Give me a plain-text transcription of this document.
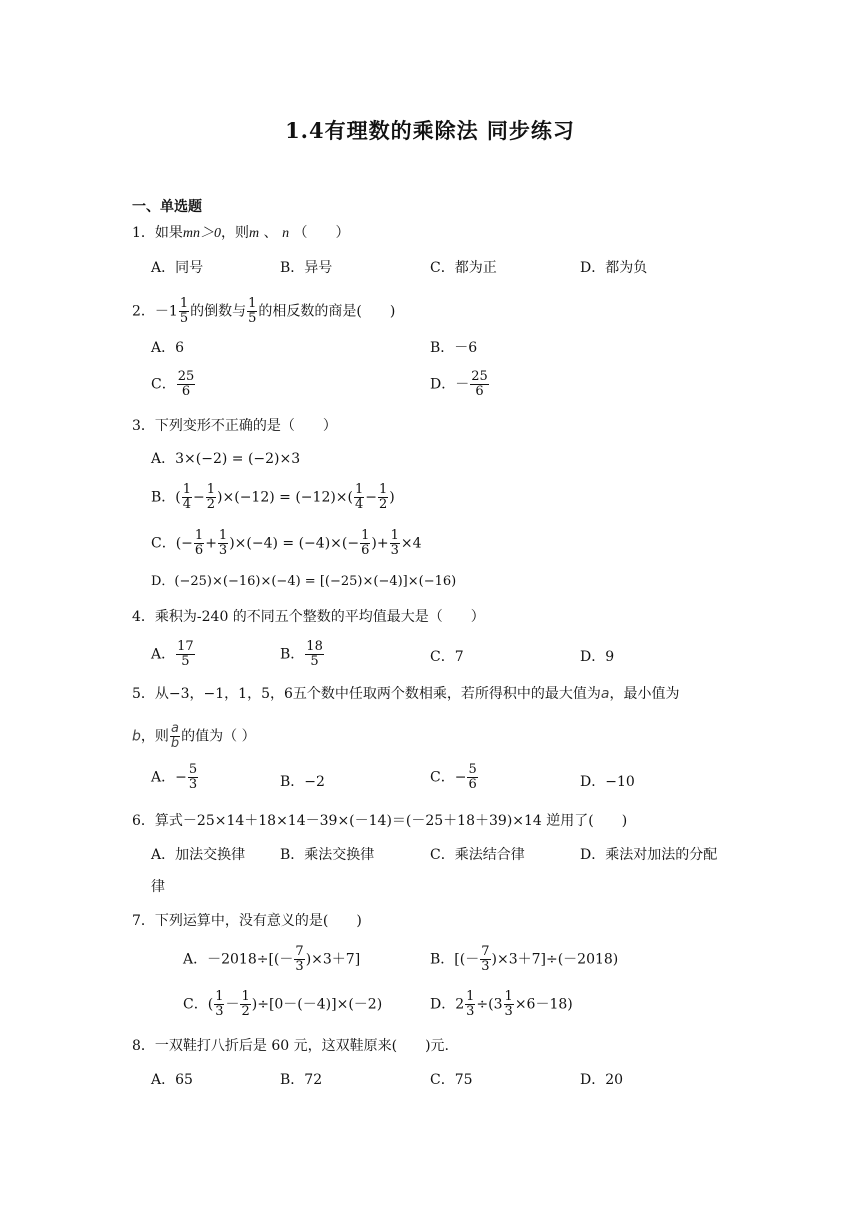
1.4有理数的乘除法 同步练习
一、单选题
1．如果mn＞0，则m 、 n （　　）
A．同号	B．异号	C．都为正	D．都为负
2．$-1 \frac{1}{5}$ 的倒数与 $\frac{1}{5}$ 的相反数的商是(　　)
A．6	B．－6
C． $\frac{25}{6}$	D．－ $\frac{25}{6}$
3．下列变形不正确的是（　　）
A．3×(−2) = (−2)×3
B．( $\frac{1}{4} - \frac{1}{2} )\times(-12) = (-12)\times( \frac{1}{4} - \frac{1}{2}$ )
C．(− $\frac{1}{6} + \frac{1}{3} )\times(-4) = (-4)\times(- \frac{1}{6}$ )+ $\frac{1}{3} \times 4$
D．(−25)×(−16)×(−4) = [(−25)×(−4)]×(−16)
4．乘积为-240 的不同五个整数的平均值最大是（　　）
A． $\frac{17}{5}$	B． $\frac{18}{5}$	C．7	D．9
5．从−3，−1，1，5，6五个数中任取两个数相乘，若所得积中的最大值为a，最小值为
b，则 $\frac{a}{b}$ 的值为（ ）
A．− $\frac{5}{3}$	B．−2	C．− $\frac{5}{6}$	D．−10
6．算式－25×14＋18×14－39×(－14)＝(－25＋18＋39)×14 逆用了(　　)
A．加法交换律 B．乘法交换律	C．乘法结合律	D．乘法对加法的分配
律
7．下列运算中，没有意义的是(　　)
A．$-2018\div[(- \frac{7}{3} )\times 3+7]$	B．[(－ $\frac{7}{3} )\times 3+7]\div(-2018)$
C．( $\frac{1}{3} - \frac{1}{2} )\div[0-(-4)]\times(-2)$	D．$2 \frac{1}{3} \div(3 \frac{1}{3} \times 6-18)$
8．一双鞋打八折后是 60 元，这双鞋原来(　　)元.
A．65	B．72	C．75	D．20
